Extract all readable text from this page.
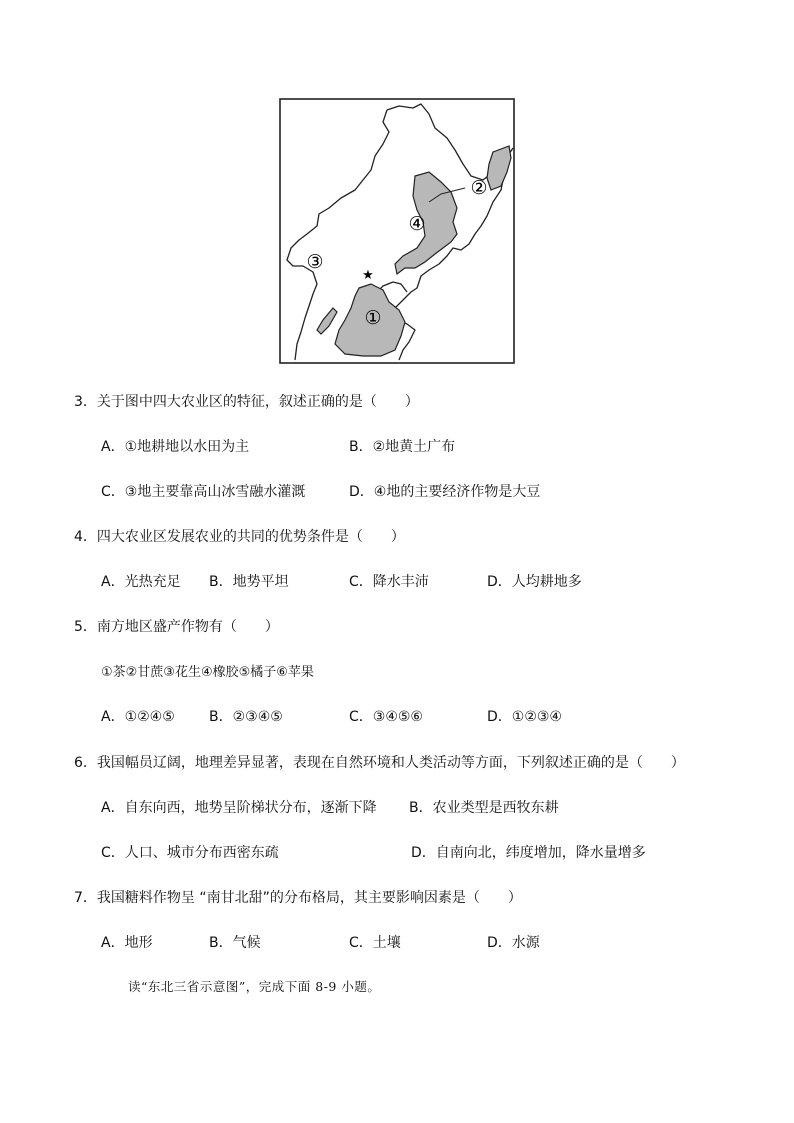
①
②
③
④
★
3．关于图中四大农业区的特征，叙述正确的是（　　）
A．①地耕地以水田为主	B．②地黄土广布
C．③地主要靠高山冰雪融水灌溉	D．④地的主要经济作物是大豆
4．四大农业区发展农业的共同的优势条件是（　　）
A．光热充足 B．地势平坦	C．降水丰沛	D．人均耕地多
5．南方地区盛产作物有（　　）
①茶②甘蔗③花生④橡胶⑤橘子⑥苹果
A．①②④⑤ B．②③④⑤	C．③④⑤⑥	D．①②③④
6．我国幅员辽阔，地理差异显著，表现在自然环境和人类活动等方面，下列叙述正确的是（　　）
A．自东向西，地势呈阶梯状分布，逐渐下降 B．农业类型是西牧东耕
C．人口、城市分布西密东疏	D．自南向北，纬度增加，降水量增多
7．我国糖料作物呈 “南甘北甜”的分布格局，其主要影响因素是（　　）
A．地形	B．气候	C．土壤	D．水源
读“东北三省示意图”，完成下面 8-9 小题。
